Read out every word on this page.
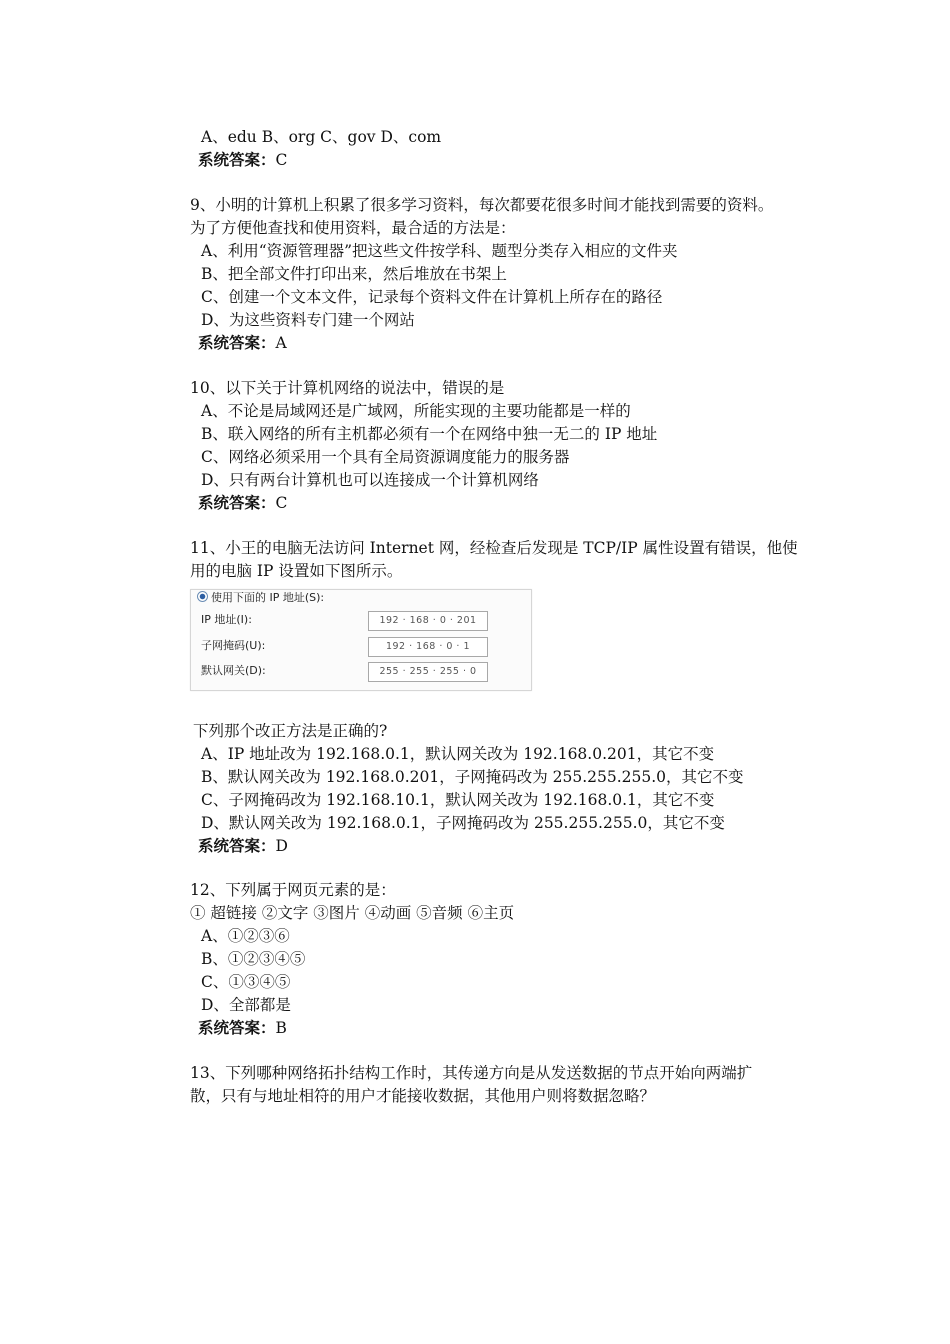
A、edu B、org C、gov D、com
系统答案：C
9、小明的计算机上积累了很多学习资料，每次都要花很多时间才能找到需要的资料。
为了方便他查找和使用资料，最合适的方法是：
A、利用“资源管理器”把这些文件按学科、题型分类存入相应的文件夹
B、把全部文件打印出来，然后堆放在书架上
C、创建一个文本文件，记录每个资料文件在计算机上所存在的路径
D、为这些资料专门建一个网站
系统答案：A
10、以下关于计算机网络的说法中，错误的是
A、不论是局域网还是广域网，所能实现的主要功能都是一样的
B、联入网络的所有主机都必须有一个在网络中独一无二的 IP 地址
C、网络必须采用一个具有全局资源调度能力的服务器
D、只有两台计算机也可以连接成一个计算机网络
系统答案：C
11、小王的电脑无法访问 Internet 网，经检查后发现是 TCP/IP 属性设置有错误，他使
用的电脑 IP 设置如下图所示。
使用下面的 IP 地址(S):
IP 地址(I):	192 · 168 · 0 · 201
子网掩码(U):	192 · 168 · 0 · 1
默认网关(D):	255 · 255 · 255 · 0
下列那个改正方法是正确的?
A、IP 地址改为 192.168.0.1，默认网关改为 192.168.0.201，其它不变
B、默认网关改为 192.168.0.201，子网掩码改为 255.255.255.0，其它不变
C、子网掩码改为 192.168.10.1，默认网关改为 192.168.0.1，其它不变
D、默认网关改为 192.168.0.1，子网掩码改为 255.255.255.0，其它不变
系统答案：D
12、下列属于网页元素的是：
① 超链接 ②文字 ③图片 ④动画 ⑤音频 ⑥主页
A、①②③⑥
B、①②③④⑤
C、①③④⑤
D、全部都是
系统答案：B
13、下列哪种网络拓扑结构工作时，其传递方向是从发送数据的节点开始向两端扩
散，只有与地址相符的用户才能接收数据，其他用户则将数据忽略？
